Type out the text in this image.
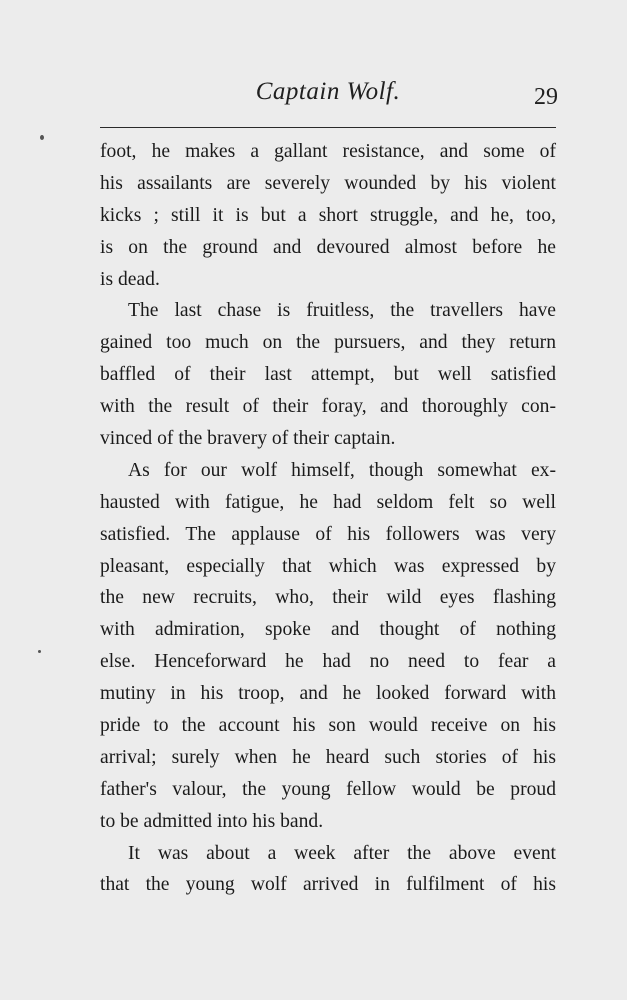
Captain Wolf.	29
foot, he makes a gallant resistance, and some of
his assailants are severely wounded by his violent
kicks ; still it is but a short struggle, and he, too,
is on the ground and devoured almost before he
is dead.
The last chase is fruitless, the travellers have
gained too much on the pursuers, and they return
baffled of their last attempt, but well satisfied
with the result of their foray, and thoroughly con-
vinced of the bravery of their captain.
As for our wolf himself, though somewhat ex-
hausted with fatigue, he had seldom felt so well
satisfied. The applause of his followers was very
pleasant, especially that which was expressed by
the new recruits, who, their wild eyes flashing
with admiration, spoke and thought of nothing
else. Henceforward he had no need to fear a
mutiny in his troop, and he looked forward with
pride to the account his son would receive on his
arrival; surely when he heard such stories of his
father's valour, the young fellow would be proud
to be admitted into his band.
It was about a week after the above event
that the young wolf arrived in fulfilment of his
